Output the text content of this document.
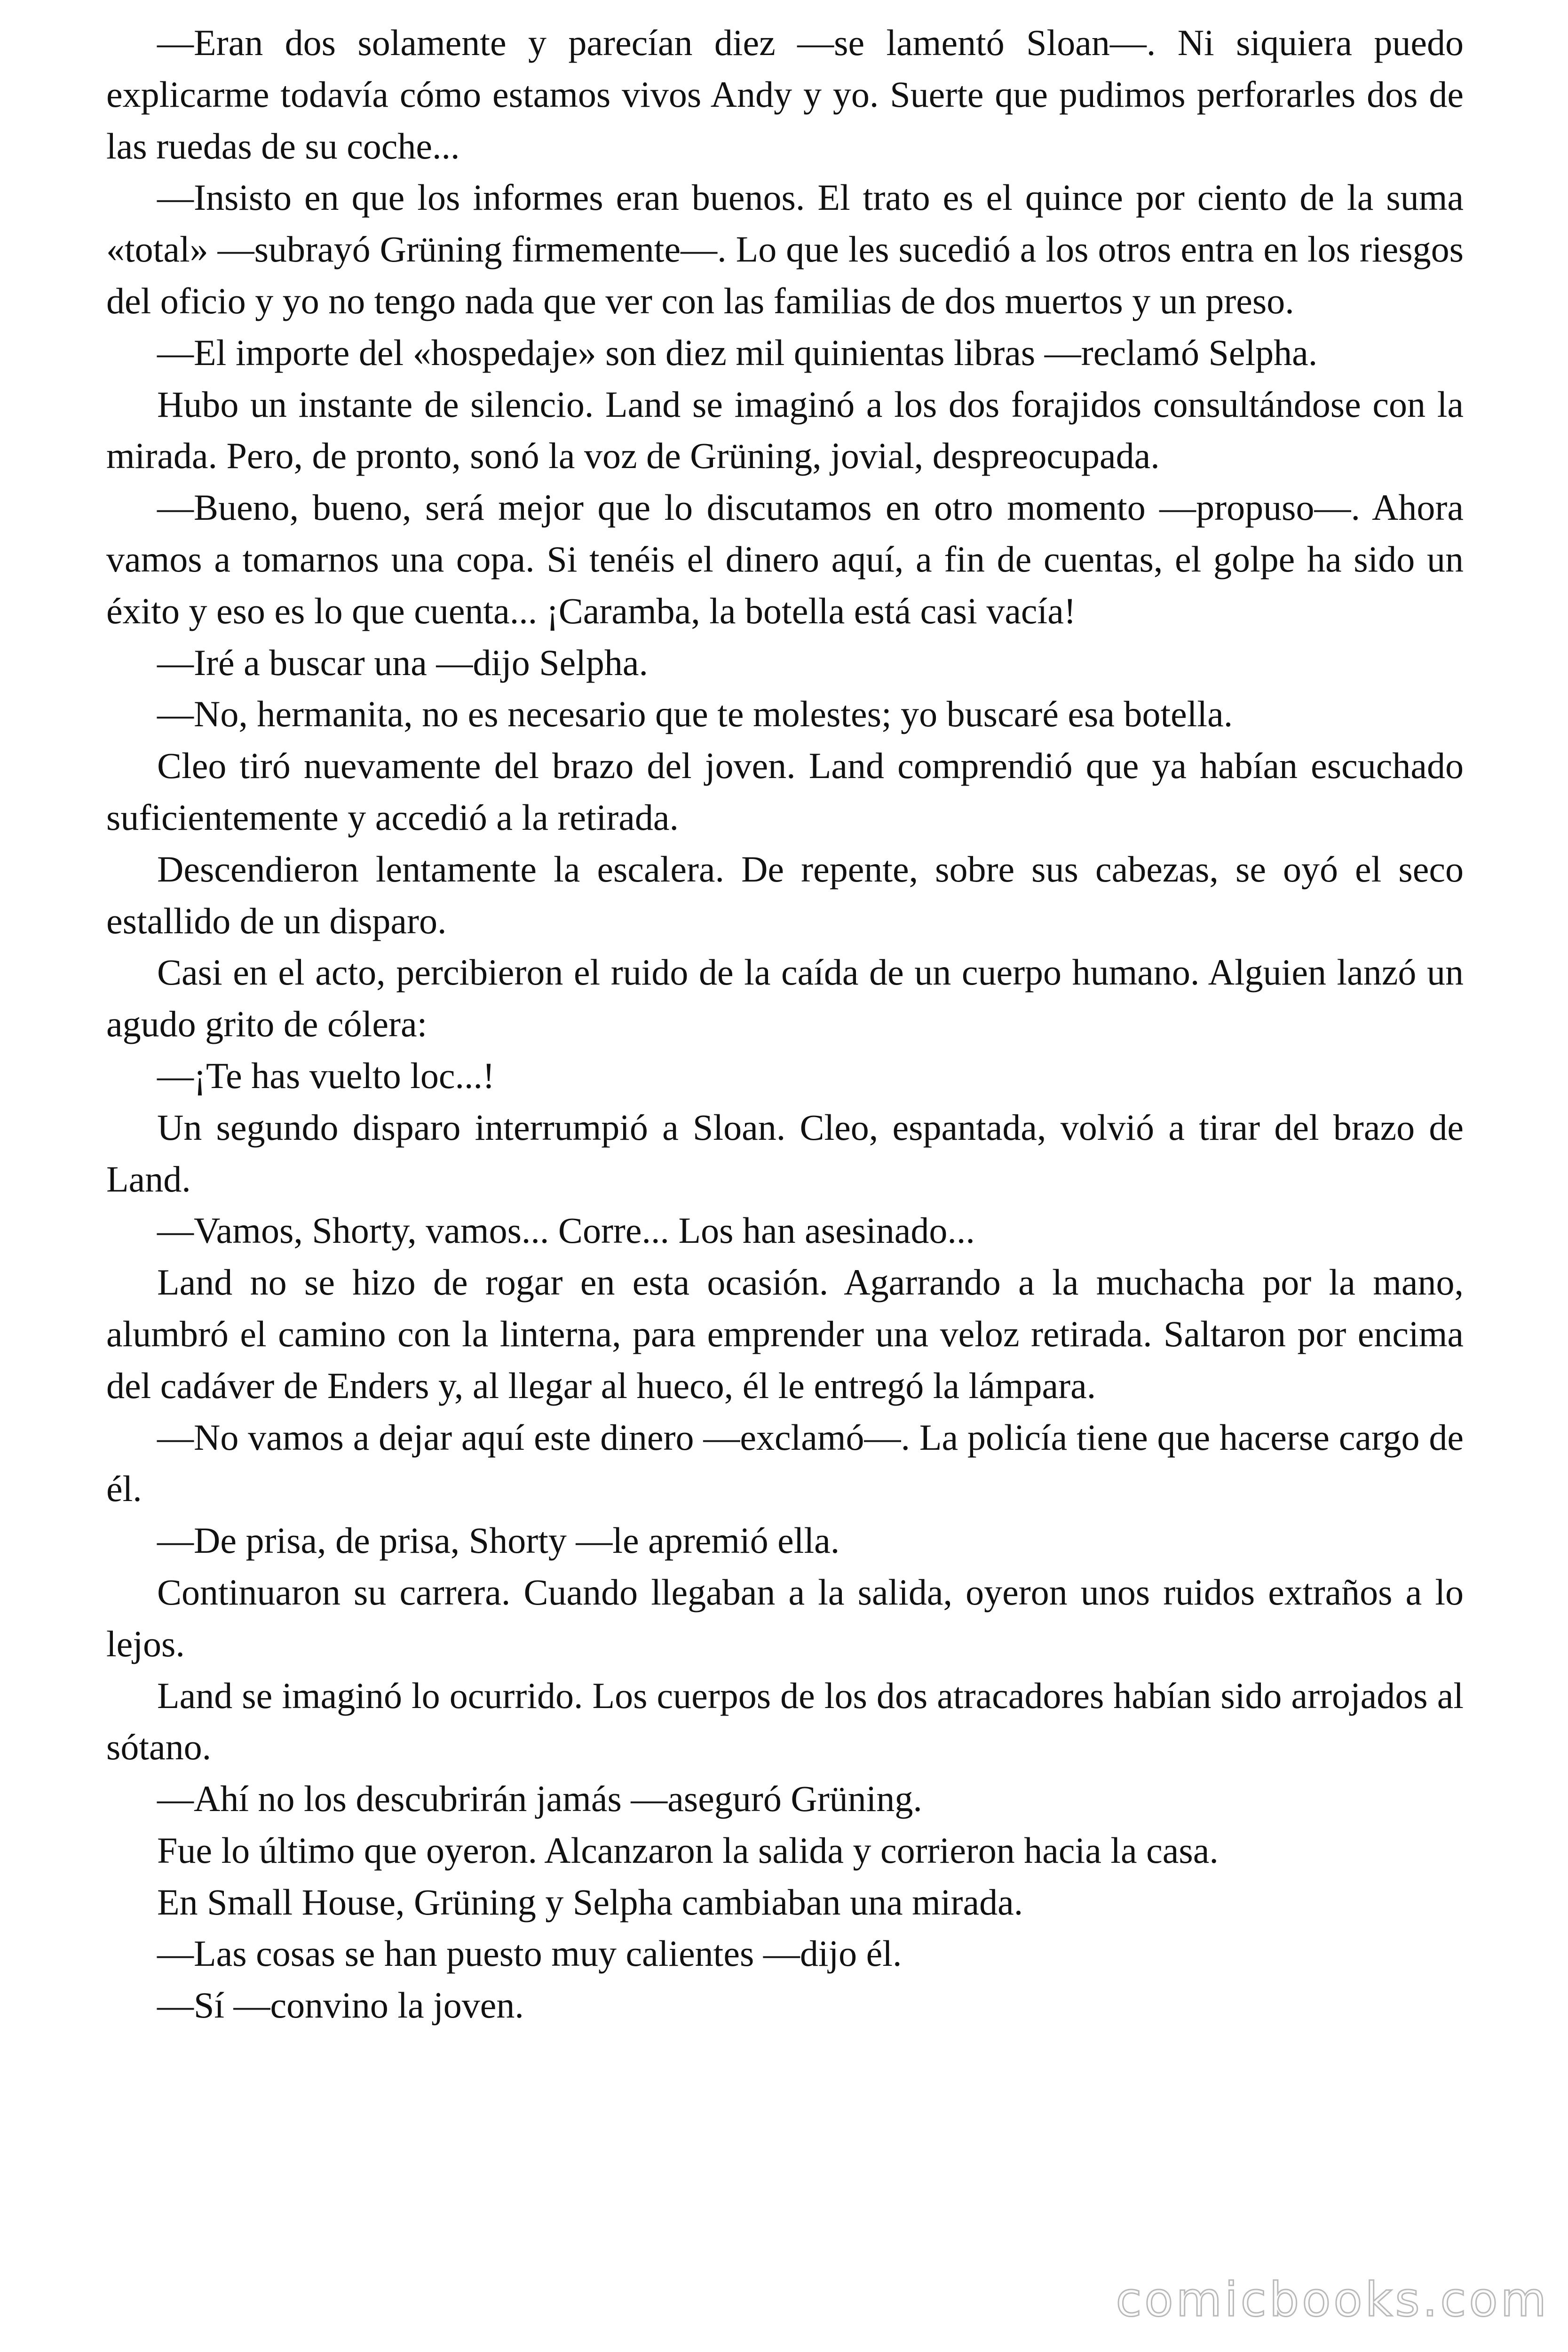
—Eran dos solamente y parecían diez —se lamentó Sloan—. Ni siquiera puedo explicarme todavía cómo estamos vivos Andy y yo. Suerte que pudimos perforarles dos de las ruedas de su coche...

—Insisto en que los informes eran buenos. El trato es el quince por ciento de la suma «total» —subrayó Grüning firmemente—. Lo que les sucedió a los otros entra en los riesgos del oficio y yo no tengo nada que ver con las familias de dos muertos y un preso.

—El importe del «hospedaje» son diez mil quinientas libras —reclamó Selpha.

Hubo un instante de silencio. Land se imaginó a los dos forajidos consultándose con la mirada. Pero, de pronto, sonó la voz de Grüning, jovial, despreocupada.

—Bueno, bueno, será mejor que lo discutamos en otro momento —propuso—. Ahora vamos a tomarnos una copa. Si tenéis el dinero aquí, a fin de cuentas, el golpe ha sido un éxito y eso es lo que cuenta... ¡Caramba, la botella está casi vacía!

—Iré a buscar una —dijo Selpha.

—No, hermanita, no es necesario que te molestes; yo buscaré esa botella.

Cleo tiró nuevamente del brazo del joven. Land comprendió que ya habían escuchado suficientemente y accedió a la retirada.

Descendieron lentamente la escalera. De repente, sobre sus cabezas, se oyó el seco estallido de un disparo.

Casi en el acto, percibieron el ruido de la caída de un cuerpo humano. Alguien lanzó un agudo grito de cólera:

—¡Te has vuelto loc...!

Un segundo disparo interrumpió a Sloan. Cleo, espantada, volvió a tirar del brazo de Land.

—Vamos, Shorty, vamos... Corre... Los han asesinado...

Land no se hizo de rogar en esta ocasión. Agarrando a la muchacha por la mano, alumbró el camino con la linterna, para emprender una veloz retirada. Saltaron por encima del cadáver de Enders y, al llegar al hueco, él le entregó la lámpara.

—No vamos a dejar aquí este dinero —exclamó—. La policía tiene que hacerse cargo de él.

—De prisa, de prisa, Shorty —le apremió ella.

Continuaron su carrera. Cuando llegaban a la salida, oyeron unos ruidos extraños a lo lejos.

Land se imaginó lo ocurrido. Los cuerpos de los dos atracadores habían sido arrojados al sótano.

—Ahí no los descubrirán jamás —aseguró Grüning.

Fue lo último que oyeron. Alcanzaron la salida y corrieron hacia la casa.

En Small House, Grüning y Selpha cambiaban una mirada.

—Las cosas se han puesto muy calientes —dijo él.

—Sí —convino la joven.

comicbooks.com
